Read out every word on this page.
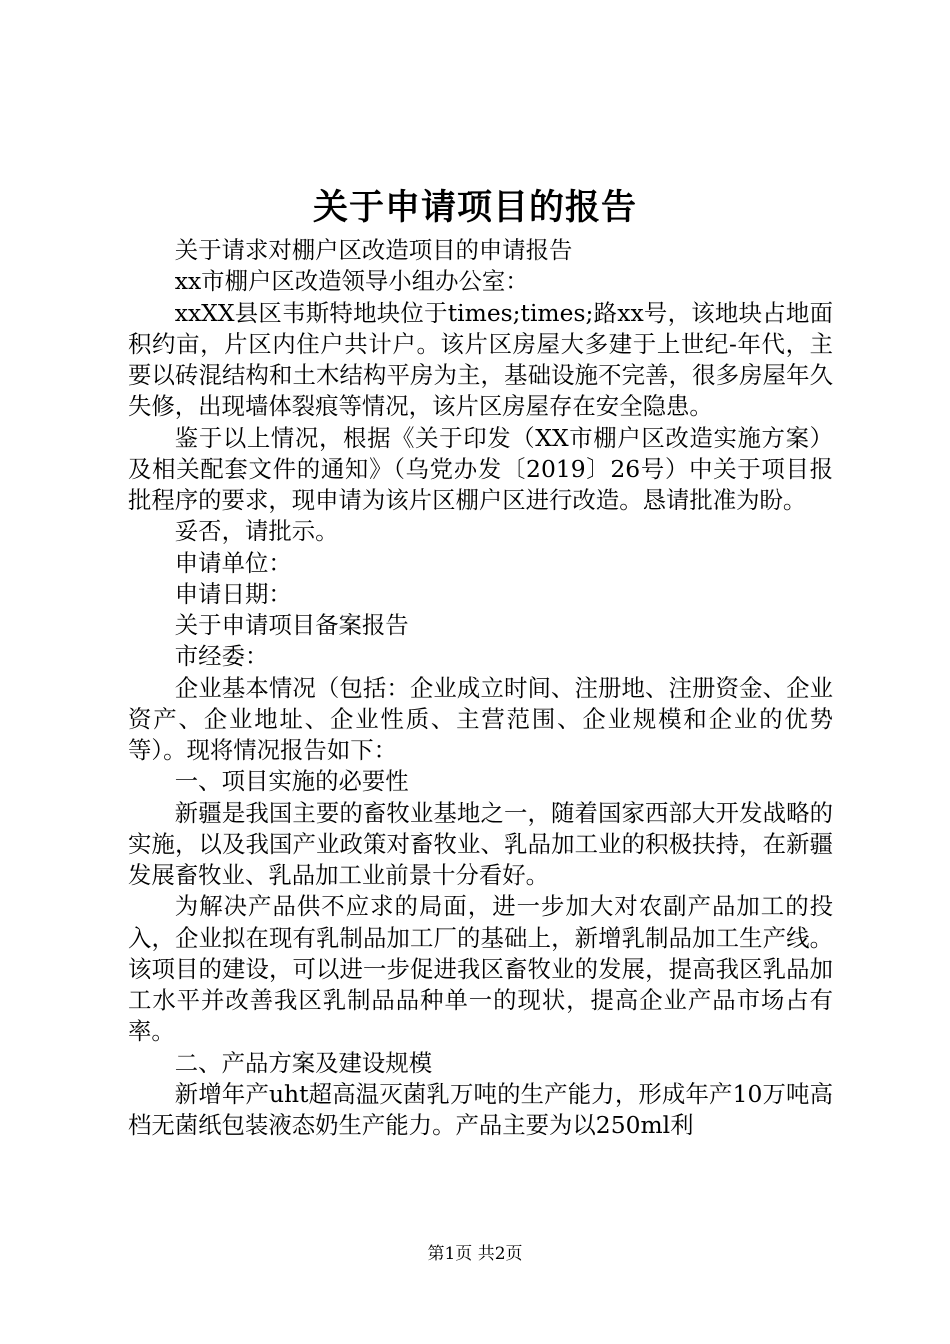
关于申请项目的报告

关于请求对棚户区改造项目的申请报告

xx市棚户区改造领导小组办公室：

xxXX县区韦斯特地块位于times;times;路xx号，该地块占地面积约亩，片区内住户共计户。该片区房屋大多建于上世纪-年代，主要以砖混结构和土木结构平房为主，基础设施不完善，很多房屋年久失修，出现墙体裂痕等情况，该片区房屋存在安全隐患。

鉴于以上情况，根据《关于印发（XX市棚户区改造实施方案）及相关配套文件的通知》（乌党办发〔2019〕26号）中关于项目报批程序的要求，现申请为该片区棚户区进行改造。恳请批准为盼。

妥否，请批示。

申请单位：

申请日期：

关于申请项目备案报告

市经委：

企业基本情况（包括：企业成立时间、注册地、注册资金、企业资产、企业地址、企业性质、主营范围、企业规模和企业的优势等）。现将情况报告如下：

一、项目实施的必要性

新疆是我国主要的畜牧业基地之一，随着国家西部大开发战略的实施，以及我国产业政策对畜牧业、乳品加工业的积极扶持，在新疆发展畜牧业、乳品加工业前景十分看好。

为解决产品供不应求的局面，进一步加大对农副产品加工的投入，企业拟在现有乳制品加工厂的基础上，新增乳制品加工生产线。该项目的建设，可以进一步促进我区畜牧业的发展，提高我区乳品加工水平并改善我区乳制品品种单一的现状，提高企业产品市场占有率。

二、产品方案及建设规模

新增年产uht超高温灭菌乳万吨的生产能力，形成年产10万吨高档无菌纸包装液态奶生产能力。产品主要为以250ml利

第1页 共2页
